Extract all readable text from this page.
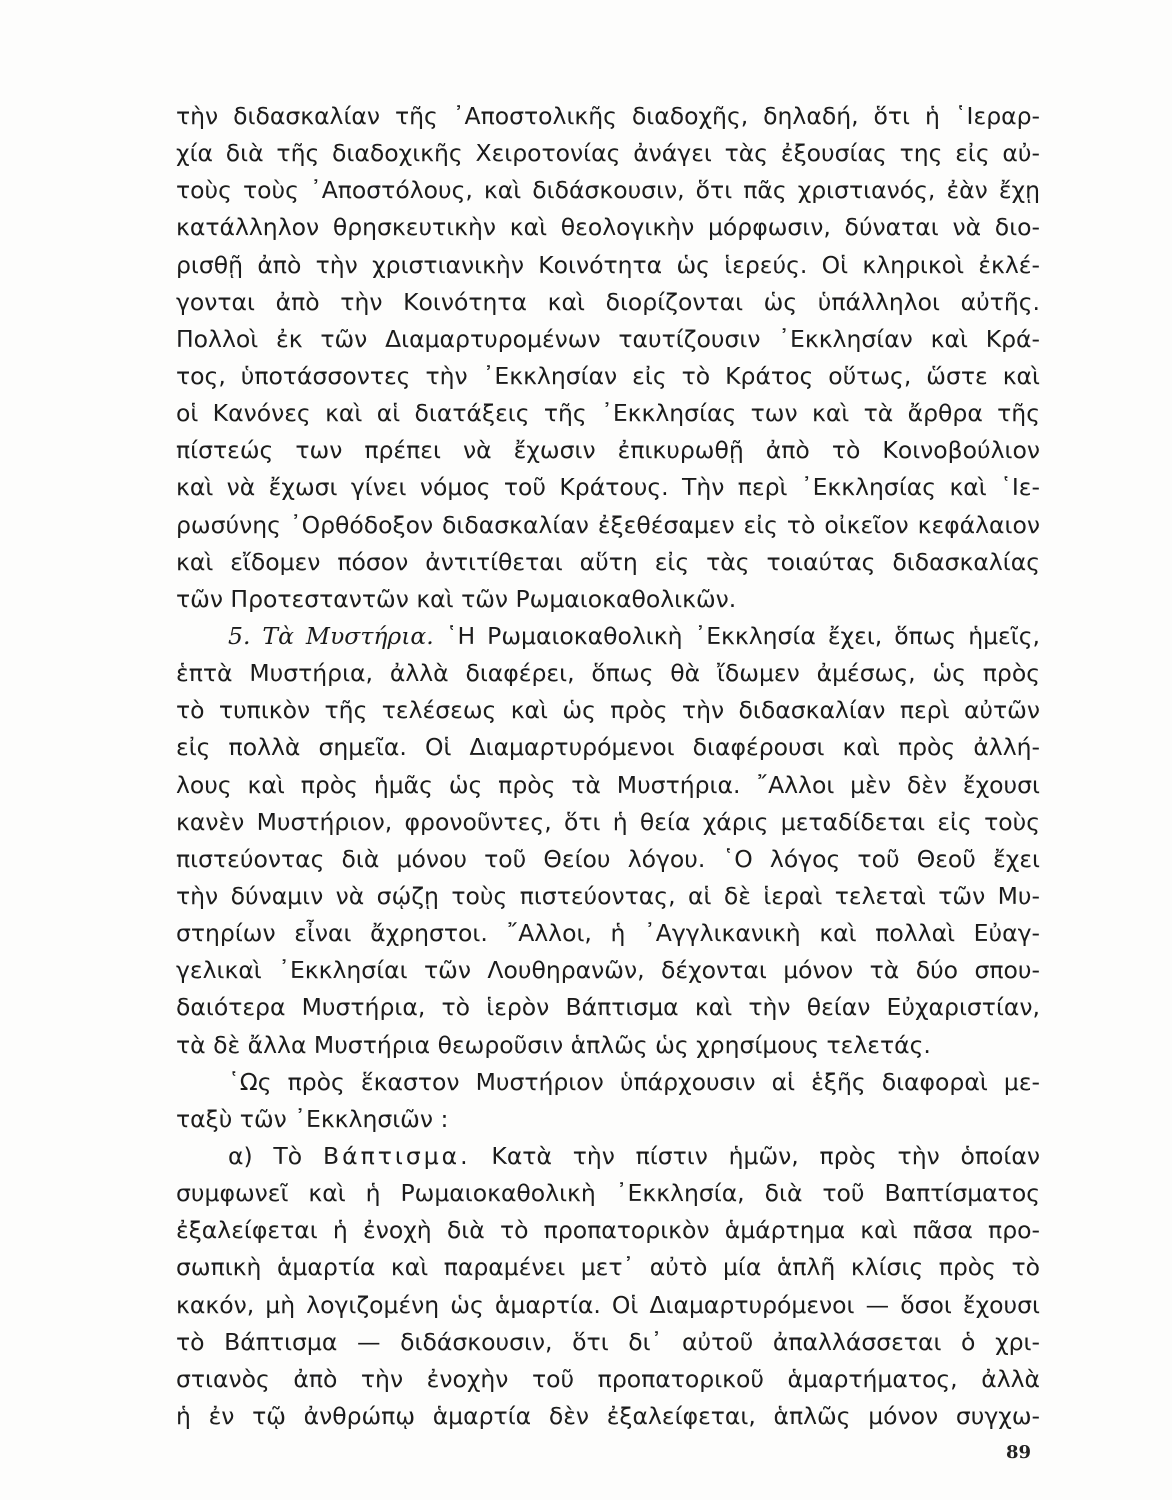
τὴν διδασκαλίαν τῆς ᾿Αποστολικῆς διαδοχῆς, δηλαδή, ὅτι ἡ ῾Ιεραρ-
χία διὰ τῆς διαδοχικῆς Χειροτονίας ἀνάγει τὰς ἐξουσίας της εἰς αὐ-
τοὺς τοὺς ᾿Αποστόλους, καὶ διδάσκουσιν, ὅτι πᾶς χριστιανός, ἐὰν ἔχῃ
κατάλληλον θρησκευτικὴν καὶ θεολογικὴν μόρφωσιν, δύναται νὰ διο-
ρισθῇ ἀπὸ τὴν χριστιανικὴν Κοινότητα ὡς ἱερεύς. Οἱ κληρικοὶ ἐκλέ-
γονται ἀπὸ τὴν Κοινότητα καὶ διορίζονται ὡς ὑπάλληλοι αὐτῆς.
Πολλοὶ ἐκ τῶν Διαμαρτυρομένων ταυτίζουσιν ᾿Εκκλησίαν καὶ Κρά-
τος, ὑποτάσσοντες τὴν ᾿Εκκλησίαν εἰς τὸ Κράτος οὕτως, ὥστε καὶ
οἱ Κανόνες καὶ αἱ διατάξεις τῆς ᾿Εκκλησίας των καὶ τὰ ἄρθρα τῆς
πίστεώς των πρέπει νὰ ἔχωσιν ἐπικυρωθῇ ἀπὸ τὸ Κοινοβούλιον
καὶ νὰ ἔχωσι γίνει νόμος τοῦ Κράτους. Τὴν περὶ ᾿Εκκλησίας καὶ ῾Ιε-
ρωσύνης ᾿Ορθόδοξον διδασκαλίαν ἐξεθέσαμεν εἰς τὸ οἰκεῖον κεφάλαιον
καὶ εἴδομεν πόσον ἀντιτίθεται αὕτη εἰς τὰς τοιαύτας διδασκαλίας
τῶν Προτεσταντῶν καὶ τῶν Ρωμαιοκαθολικῶν.
5. Τὰ Μυστήρια. ῾Η Ρωμαιοκαθολικὴ ᾿Εκκλησία ἔχει, ὅπως ἡμεῖς,
ἑπτὰ Μυστήρια, ἀλλὰ διαφέρει, ὅπως θὰ ἴδωμεν ἀμέσως, ὡς πρὸς
τὸ τυπικὸν τῆς τελέσεως καὶ ὡς πρὸς τὴν διδασκαλίαν περὶ αὐτῶν
εἰς πολλὰ σημεῖα. Οἱ Διαμαρτυρόμενοι διαφέρουσι καὶ πρὸς ἀλλή-
λους καὶ πρὸς ἡμᾶς ὡς πρὸς τὰ Μυστήρια. ῎Αλλοι μὲν δὲν ἔχουσι
κανὲν Μυστήριον, φρονοῦντες, ὅτι ἡ θεία χάρις μεταδίδεται εἰς τοὺς
πιστεύοντας διὰ μόνου τοῦ Θείου λόγου. ῾Ο λόγος τοῦ Θεοῦ ἔχει
τὴν δύναμιν νὰ σῴζῃ τοὺς πιστεύοντας, αἱ δὲ ἱεραὶ τελεταὶ τῶν Μυ-
στηρίων εἶναι ἄχρηστοι. ῎Αλλοι, ἡ ᾿Αγγλικανικὴ καὶ πολλαὶ Εὐαγ-
γελικαὶ ᾿Εκκλησίαι τῶν Λουθηρανῶν, δέχονται μόνον τὰ δύο σπου-
δαιότερα Μυστήρια, τὸ ἱερὸν Βάπτισμα καὶ τὴν θείαν Εὐχαριστίαν,
τὰ δὲ ἄλλα Μυστήρια θεωροῦσιν ἁπλῶς ὡς χρησίμους τελετάς.
῾Ως πρὸς ἕκαστον Μυστήριον ὑπάρχουσιν αἱ ἑξῆς διαφοραὶ με-
ταξὺ τῶν ᾿Εκκλησιῶν :
α) Τὸ Βάπτισμα. Κατὰ τὴν πίστιν ἡμῶν, πρὸς τὴν ὁποίαν
συμφωνεῖ καὶ ἡ Ρωμαιοκαθολικὴ ᾿Εκκλησία, διὰ τοῦ Βαπτίσματος
ἐξαλείφεται ἡ ἐνοχὴ διὰ τὸ προπατορικὸν ἁμάρτημα καὶ πᾶσα προ-
σωπικὴ ἁμαρτία καὶ παραμένει μετ᾿ αὐτὸ μία ἁπλῆ κλίσις πρὸς τὸ
κακόν, μὴ λογιζομένη ὡς ἁμαρτία. Οἱ Διαμαρτυρόμενοι — ὅσοι ἔχουσι
τὸ Βάπτισμα — διδάσκουσιν, ὅτι δι᾿ αὐτοῦ ἀπαλλάσσεται ὁ χρι-
στιανὸς ἀπὸ τὴν ἐνοχὴν τοῦ προπατορικοῦ ἁμαρτήματος, ἀλλὰ
ἡ ἐν τῷ ἀνθρώπῳ ἁμαρτία δὲν ἐξαλείφεται, ἁπλῶς μόνον συγχω-
89
